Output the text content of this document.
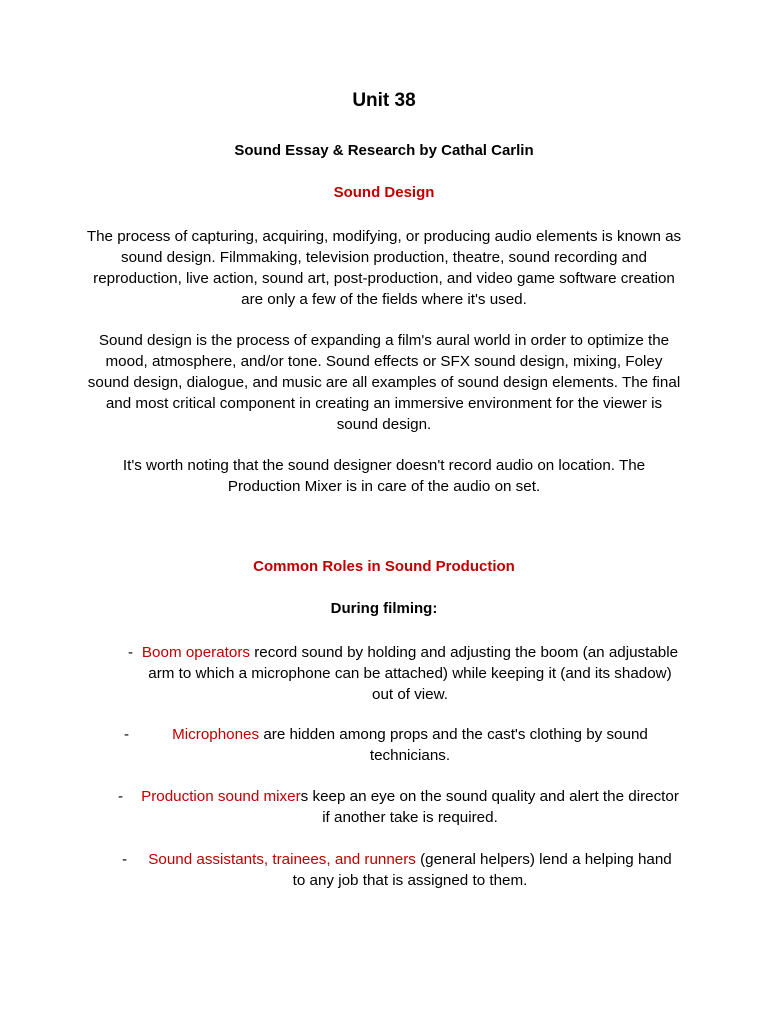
Unit 38
Sound Essay & Research by Cathal Carlin
Sound Design
The process of capturing, acquiring, modifying, or producing audio elements is known as sound design. Filmmaking, television production, theatre, sound recording and reproduction, live action, sound art, post-production, and video game software creation are only a few of the fields where it's used.
Sound design is the process of expanding a film's aural world in order to optimize the mood, atmosphere, and/or tone. Sound effects or SFX sound design, mixing, Foley sound design, dialogue, and music are all examples of sound design elements. The final and most critical component in creating an immersive environment for the viewer is sound design.
It's worth noting that the sound designer doesn't record audio on location. The Production Mixer is in care of the audio on set.
Common Roles in Sound Production
During filming:
- Boom operators record sound by holding and adjusting the boom (an adjustable arm to which a microphone can be attached) while keeping it (and its shadow) out of view.
-	Microphones are hidden among props and the cast's clothing by sound technicians.
- Production sound mixers keep an eye on the sound quality and alert the director if another take is required.
-	Sound assistants, trainees, and runners (general helpers) lend a helping hand to any job that is assigned to them.
